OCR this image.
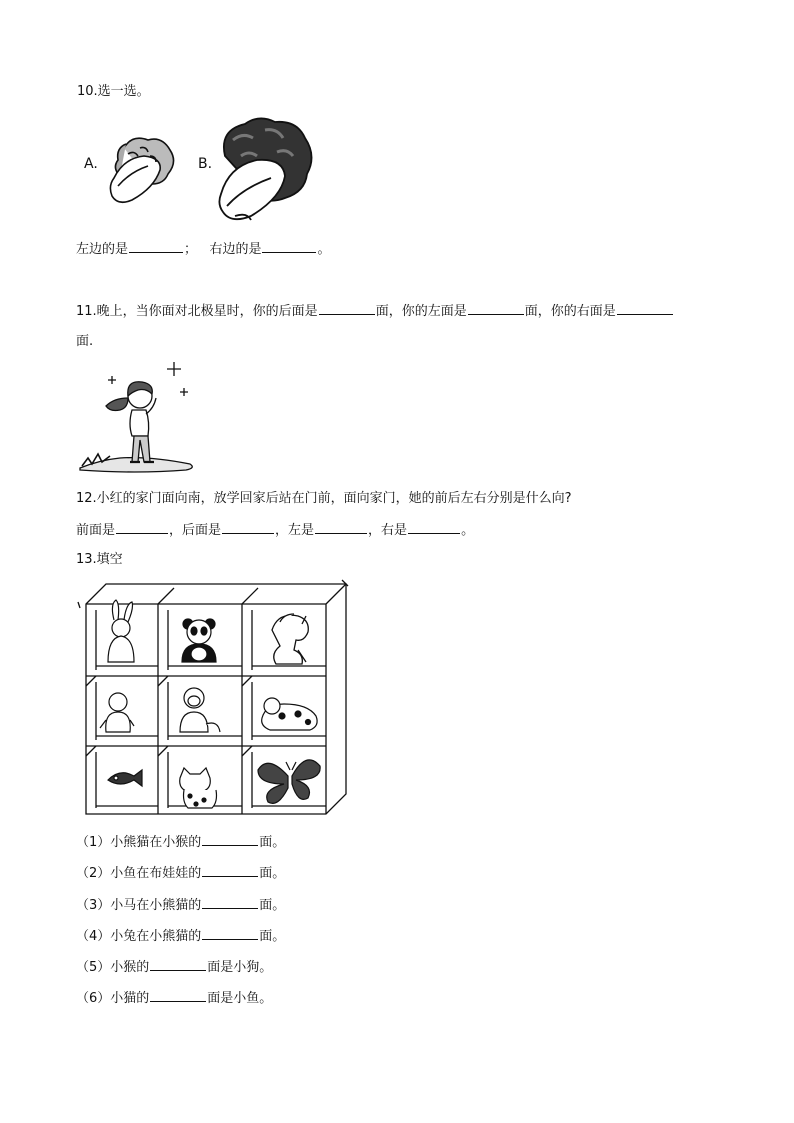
10.选一选。
A.	B.
左边的是	； 右边的是	。
11.晚上，当你面对北极星时，你的后面是	面，你的左面是	面，你的右面是
面.
12.小红的家门面向南，放学回家后站在门前，面向家门，她的前后左右分别是什么向?
前面是	，后面是	，左是	，右是	。
13.填空
（1）小熊猫在小猴的	面。
（2）小鱼在布娃娃的	面。
（3）小马在小熊猫的	面。
（4）小兔在小熊猫的	面。
（5）小猴的	面是小狗。
（6）小猫的	面是小鱼。
